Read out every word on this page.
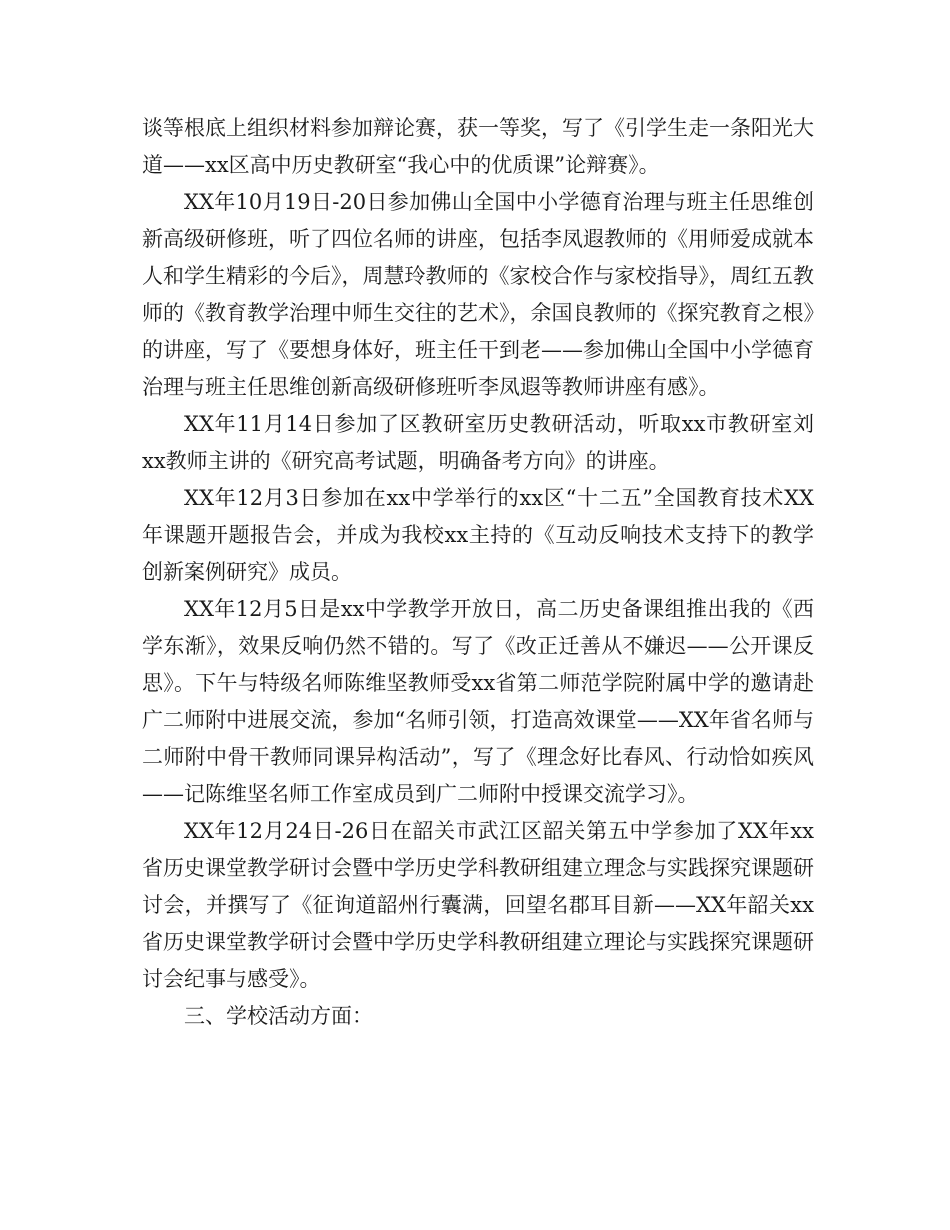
谈等根底上组织材料参加辩论赛，获一等奖，写了《引学生走一条阳光大道——xx区高中历史教研室“我心中的优质课”论辩赛》。

XX年10月19日-20日参加佛山全国中小学德育治理与班主任思维创新高级研修班，听了四位名师的讲座，包括李凤遐教师的《用师爱成就本人和学生精彩的今后》，周慧玲教师的《家校合作与家校指导》，周红五教师的《教育教学治理中师生交往的艺术》，余国良教师的《探究教育之根》的讲座，写了《要想身体好，班主任干到老——参加佛山全国中小学德育治理与班主任思维创新高级研修班听李凤遐等教师讲座有感》。

XX年11月14日参加了区教研室历史教研活动，听取xx市教研室刘xx教师主讲的《研究高考试题，明确备考方向》的讲座。

XX年12月3日参加在xx中学举行的xx区“十二五”全国教育技术XX年课题开题报告会，并成为我校xx主持的《互动反响技术支持下的教学创新案例研究》成员。

XX年12月5日是xx中学教学开放日，高二历史备课组推出我的《西学东渐》，效果反响仍然不错的。写了《改正迁善从不嫌迟——公开课反思》。下午与特级名师陈维坚教师受xx省第二师范学院附属中学的邀请赴广二师附中进展交流，参加“名师引领，打造高效课堂——XX年省名师与二师附中骨干教师同课异构活动”，写了《理念好比春风、行动恰如疾风——记陈维坚名师工作室成员到广二师附中授课交流学习》。

XX年12月24日-26日在韶关市武江区韶关第五中学参加了XX年xx省历史课堂教学研讨会暨中学历史学科教研组建立理念与实践探究课题研讨会，并撰写了《征询道韶州行囊满，回望名郡耳目新——XX年韶关xx省历史课堂教学研讨会暨中学历史学科教研组建立理论与实践探究课题研讨会纪事与感受》。

三、学校活动方面：
